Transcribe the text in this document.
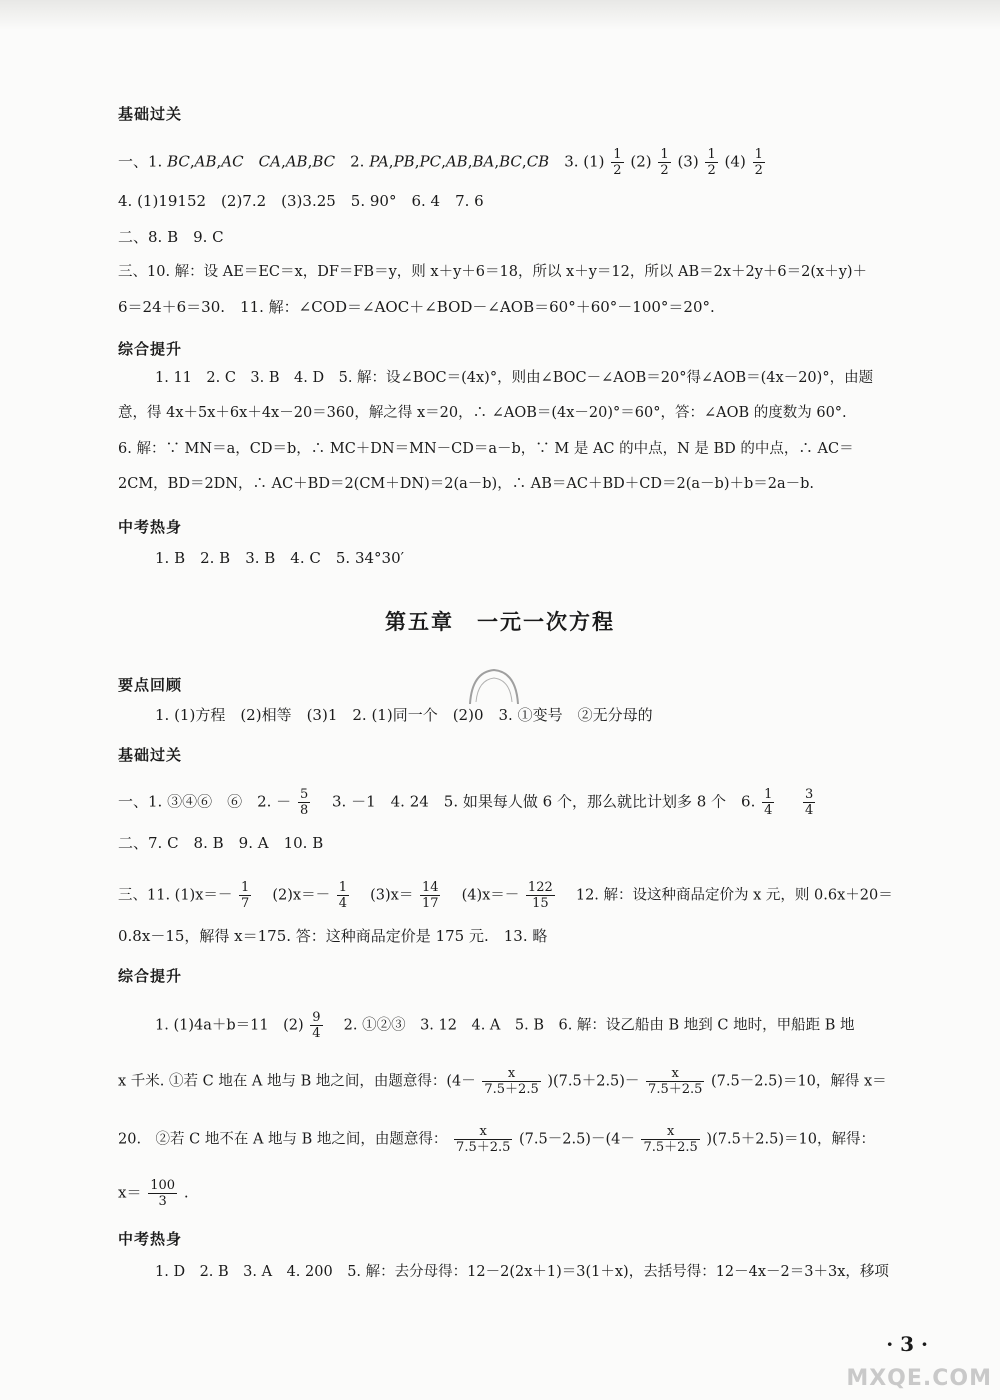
基础过关
一、1. BC,AB,AC　 CA,AB,BC　2. PA,PB,PC,AB,BA,BC,CB　3. $(1) \frac{1}{2} (2) \frac{1}{2} (3) \frac{1}{2} (4) \frac{1}{2}$
4. (1)19152　(2)7.2　(3)3.25　5. 90°　6. 4　7. 6
二、8. B　9. C
三、10. 解：设 AE＝EC＝x，DF＝FB＝y，则 x＋y＋6＝18，所以 x＋y＝12，所以 AB＝2x＋2y＋6＝2(x＋y)＋
6＝24＋6＝30.　11. 解：∠COD＝∠AOC＋∠BOD－∠AOB＝60°＋60°－100°＝20°.
综合提升
1. 11　2. C　3. B　4. D　5. 解：设∠BOC＝(4x)°，则由∠BOC－∠AOB＝20°得∠AOB＝(4x－20)°，由题
意，得 4x＋5x＋6x＋4x－20＝360，解之得 x＝20，∴ ∠AOB＝(4x－20)°＝60°，答：∠AOB 的度数为 60°.
6. 解：∵ MN＝a，CD＝b，∴ MC＋DN＝MN－CD＝a－b，∵ M 是 AC 的中点，N 是 BD 的中点，∴ AC＝
2CM，BD＝2DN，∴ AC＋BD＝2(CM＋DN)＝2(a－b)，∴ AB＝AC＋BD＋CD＝2(a－b)＋b＝2a－b.
中考热身
1. B　2. B　3. B　4. C　5. 34°30′
第五章　一元一次方程
要点回顾
1. (1)方程　(2)相等　(3)1　2. (1)同一个　(2)0　3. ①变号　②无分母的
基础过关
一、1. ③④⑥　⑥　2. － $\frac{5}{8}$ 　3. －1　4. 24　5. 如果每人做 6 个，那么就比计划多 8 个　6. $\frac{1}{4}$
　 $\frac{3}{4}$
二、7. C　8. B　9. A　10. B
三、11. $(1)x=- \frac{1}{7}$ 　$(2)x=- \frac{1}{4}$ 　$(3)x= \frac{14}{17}$ 　$(4)x=- \frac{122}{15}$ 　12. 解：设这种商品定价为 x 元，则 0.6x＋20＝
0.8x－15，解得 x＝175. 答：这种商品定价是 175 元.　13. 略
综合提升
1. (1)4a＋b＝11　$(2) \frac{9}{4}$ 　2. ①②③　3. 12　4. A　5. B　6. 解：设乙船由 B 地到 C 地时，甲船距 B 地
x 千米. ①若 C 地在 A 地与 B 地之间，由题意得：$(4- \frac{x}{7.5+2.5} )(7.5+2.5)- \frac{x}{7.5+2.5} (7.5-2.5)=10$，解得 x＝
20.　②若 C 地不在 A 地与 B 地之间，由题意得： $\frac{x}{7.5+2.5} (7.5-2.5)-(4- \frac{x}{7.5+2.5} )(7.5+2.5)=10$，解得：
$x= \frac{100}{3}$ .
中考热身
1. D　2. B　3. A　4. 200　5. 解：去分母得：12－2(2x＋1)＝3(1＋x)，去括号得：12－4x－2＝3＋3x，移项
· 3 ·
MXQE.COM
